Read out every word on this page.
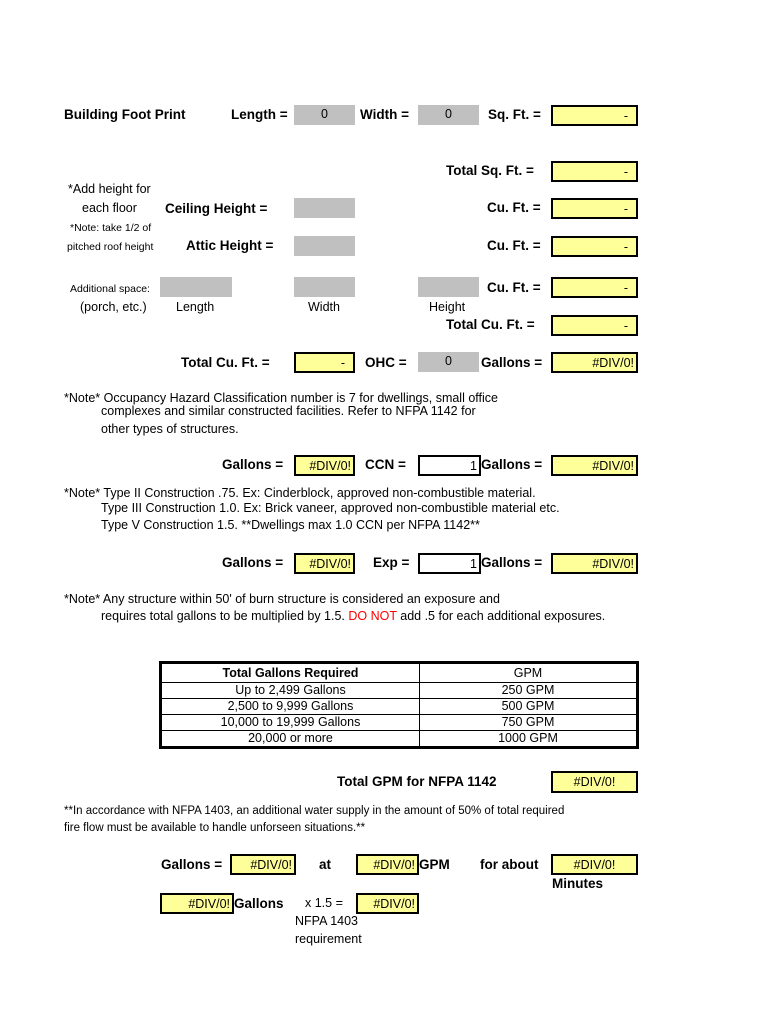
Building Foot Print	Length =	0	Width =	0	Sq. Ft. =	-
Total Sq. Ft. =	-
*Add height for
each floor Ceiling Height =	Cu. Ft. =	-
*Note: take 1/2 of
pitched roof height Attic Height =	Cu. Ft. =	-
Additional space:
(porch, etc.) Length	Width	Height
Cu. Ft. =	-
Total Cu. Ft. =	-
Total Cu. Ft. =	-	OHC =	0	Gallons =	#DIV/0!
*Note* Occupancy Hazard Classification number is 7 for dwellings, small office
complexes and similar constructed facilities. Refer to NFPA 1142 for
other types of structures.
Gallons =	#DIV/0! CCN =	1 Gallons =	#DIV/0!
*Note* Type II Construction .75. Ex: Cinderblock, approved non-combustible material.
Type III Construction 1.0. Ex: Brick vaneer, approved non-combustible material etc.
Type V Construction 1.5. **Dwellings max 1.0 CCN per NFPA 1142**
Gallons =	#DIV/0! Exp =	1 Gallons =	#DIV/0!
*Note* Any structure within 50' of burn structure is considered an exposure and
requires total gallons to be multiplied by 1.5. DO NOT add .5 for each additional exposures.
Total Gallons Required	GPM
Up to 2,499 Gallons	250 GPM
2,500 to 9,999 Gallons	500 GPM
10,000 to 19,999 Gallons	750 GPM
20,000 or more	1000 GPM
Total GPM for NFPA 1142	#DIV/0!
**In accordance with NFPA 1403, an additional water supply in the amount of 50% of total required
fire flow must be available to handle unforseen situations.**
Gallons =	#DIV/0! at	#DIV/0! GPM for about	#DIV/0!
Minutes
#DIV/0! Gallons x 1.5 =	#DIV/0!
NFPA 1403
requirement
